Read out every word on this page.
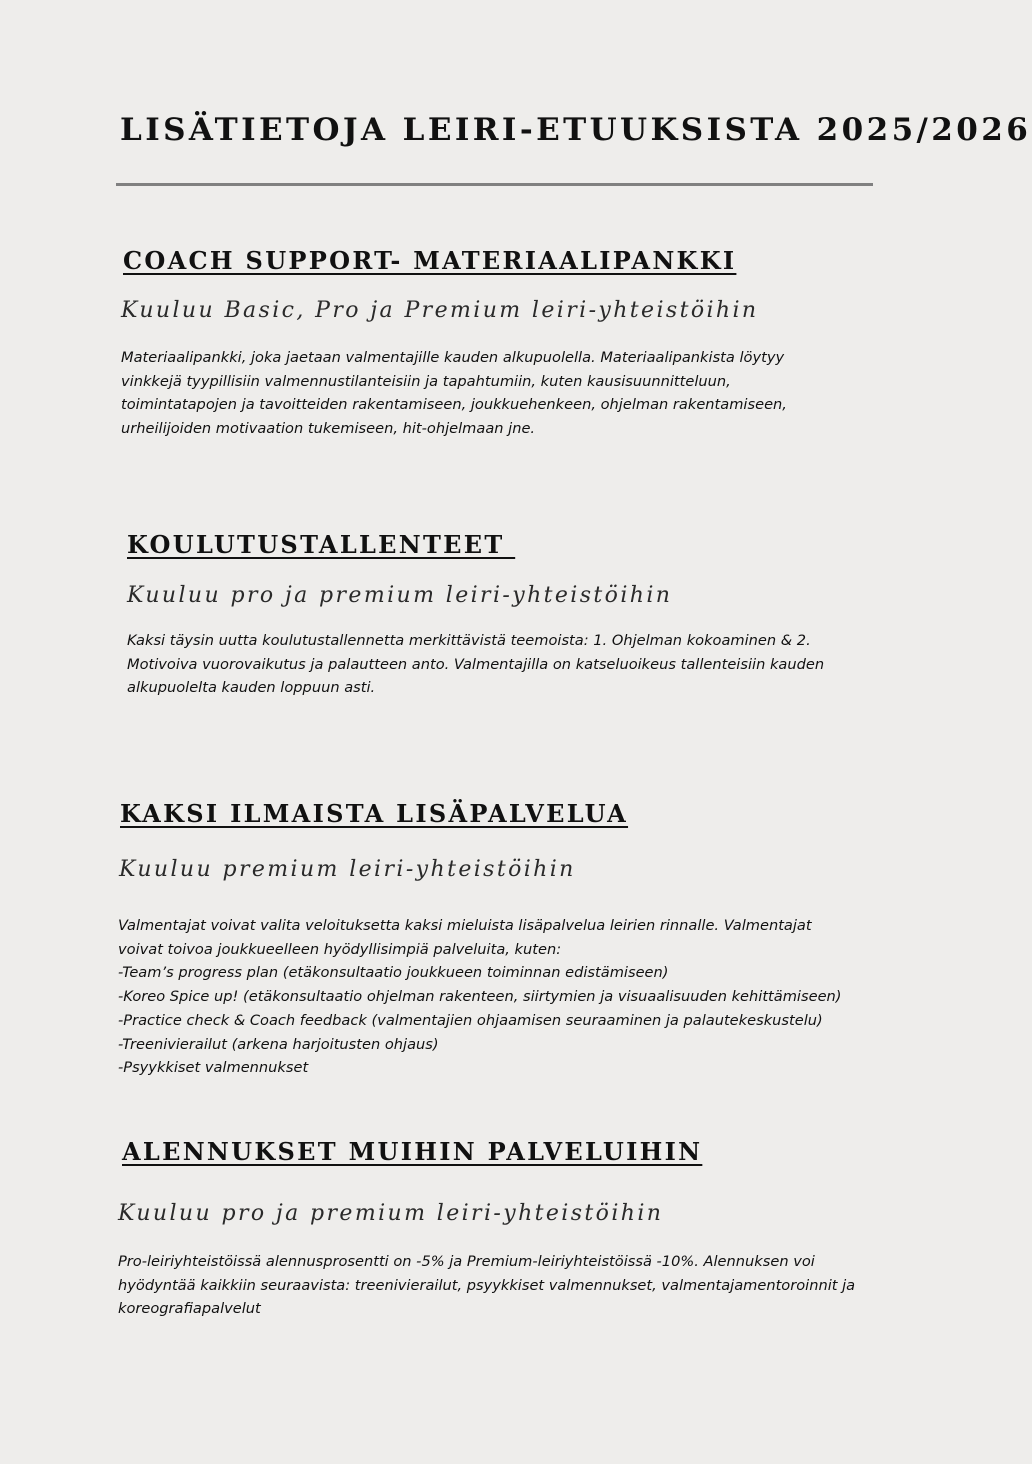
LISÄTIETOJA LEIRI-ETUUKSISTA 2025/2026
COACH SUPPORT- MATERIAALIPANKKI

Kuuluu Basic, Pro ja Premium leiri-yhteistöihin

Materiaalipankki, joka jaetaan valmentajille kauden alkupuolella. Materiaalipankista löytyy
vinkkejä tyypillisiin valmennustilanteisiin ja tapahtumiin, kuten kausisuunnitteluun,
toimintatapojen ja tavoitteiden rakentamiseen, joukkuehenkeen, ohjelman rakentamiseen,
urheilijoiden motivaation tukemiseen, hit-ohjelmaan jne.
KOULUTUSTALLENTEET

Kuuluu pro ja premium leiri-yhteistöihin

Kaksi täysin uutta koulutustallennetta merkittävistä teemoista: 1. Ohjelman kokoaminen & 2.
Motivoiva vuorovaikutus ja palautteen anto. Valmentajilla on katseluoikeus tallenteisiin kauden
alkupuolelta kauden loppuun asti.
KAKSI ILMAISTA LISÄPALVELUA

Kuuluu premium leiri-yhteistöihin

Valmentajat voivat valita veloituksetta kaksi mieluista lisäpalvelua leirien rinnalle. Valmentajat
voivat toivoa joukkueelleen hyödyllisimpiä palveluita, kuten:
-Team’s progress plan (etäkonsultaatio joukkueen toiminnan edistämiseen)
-Koreo Spice up! (etäkonsultaatio ohjelman rakenteen, siirtymien ja visuaalisuuden kehittämiseen)
-Practice check & Coach feedback (valmentajien ohjaamisen seuraaminen ja palautekeskustelu)
-Treenivierailut (arkena harjoitusten ohjaus)
-Psyykkiset valmennukset
ALENNUKSET MUIHIN PALVELUIHIN

Kuuluu pro ja premium leiri-yhteistöihin

Pro-leiriyhteistöissä alennusprosentti on -5% ja Premium-leiriyhteistöissä -10%. Alennuksen voi
hyödyntää kaikkiin seuraavista: treenivierailut, psyykkiset valmennukset, valmentajamentoroinnit ja
koreografiapalvelut
